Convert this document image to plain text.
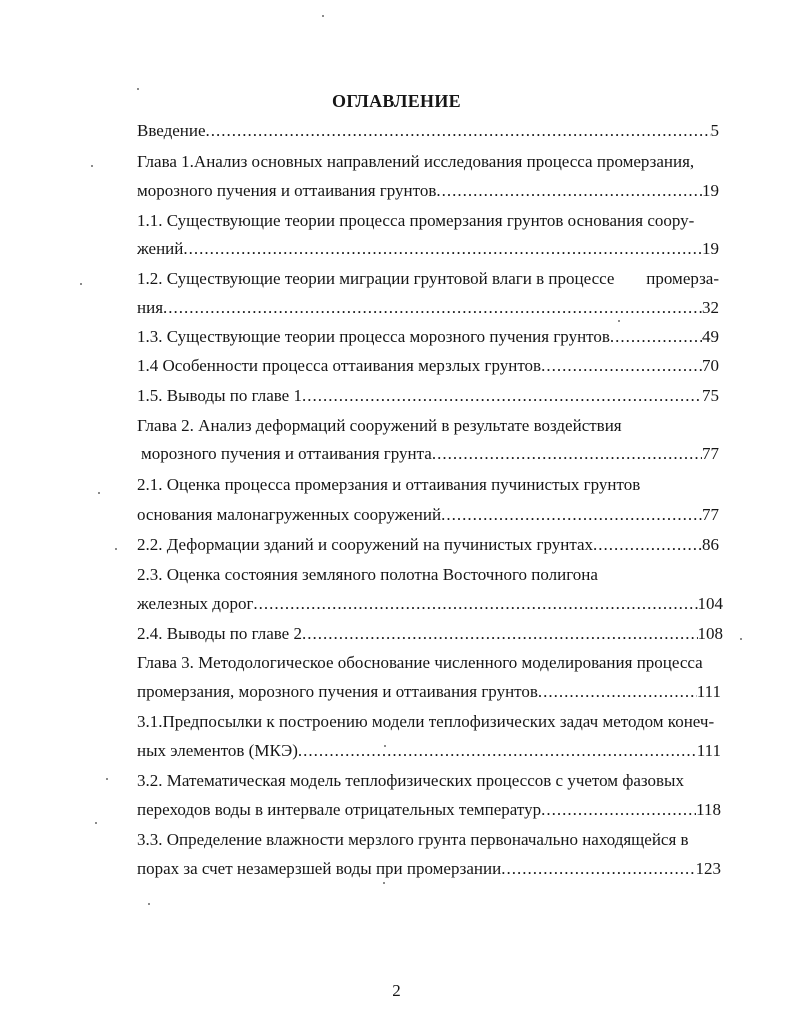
ОГЛАВЛЕНИЕ
Введение .....	5
Глава 1.Анализ основных направлений исследования процесса промерзания,
морозного пучения и оттаивания грунтов .....	19
1.1. Существующие теории процесса промерзания грунтов основания соору-
жений .....	19
1.2. Существующие теории миграции грунтовой влаги в процессе промерза-
ния .....	32
1.3. Существующие теории процесса морозного пучения грунтов .....	49
1.4 Особенности процесса оттаивания мерзлых грунтов .....	70
1.5. Выводы по главе 1 .....	75
Глава 2. Анализ деформаций сооружений в результате воздействия
морозного пучения и оттаивания грунта .....	77
2.1. Оценка процесса промерзания и оттаивания пучинистых грунтов
основания малонагруженных сооружений .....	77
2.2. Деформации зданий и сооружений на пучинистых грунтах .....	86
2.3. Оценка состояния земляного полотна Восточного полигона
железных дорог .....	104
2.4. Выводы по главе 2 .....	108
Глава 3. Методологическое обоснование численного моделирования процесса
промерзания, морозного пучения и оттаивания грунтов .....	111
3.1.Предпосылки к построению модели теплофизических задач методом конеч-
ных элементов (МКЭ) .....	111
3.2. Математическая модель теплофизических процессов с учетом фазовых
переходов воды в интервале отрицательных температур .....	118
3.3. Определение влажности мерзлого грунта первоначально находящейся в
порах за счет незамерзшей воды при промерзании .....	123
2
